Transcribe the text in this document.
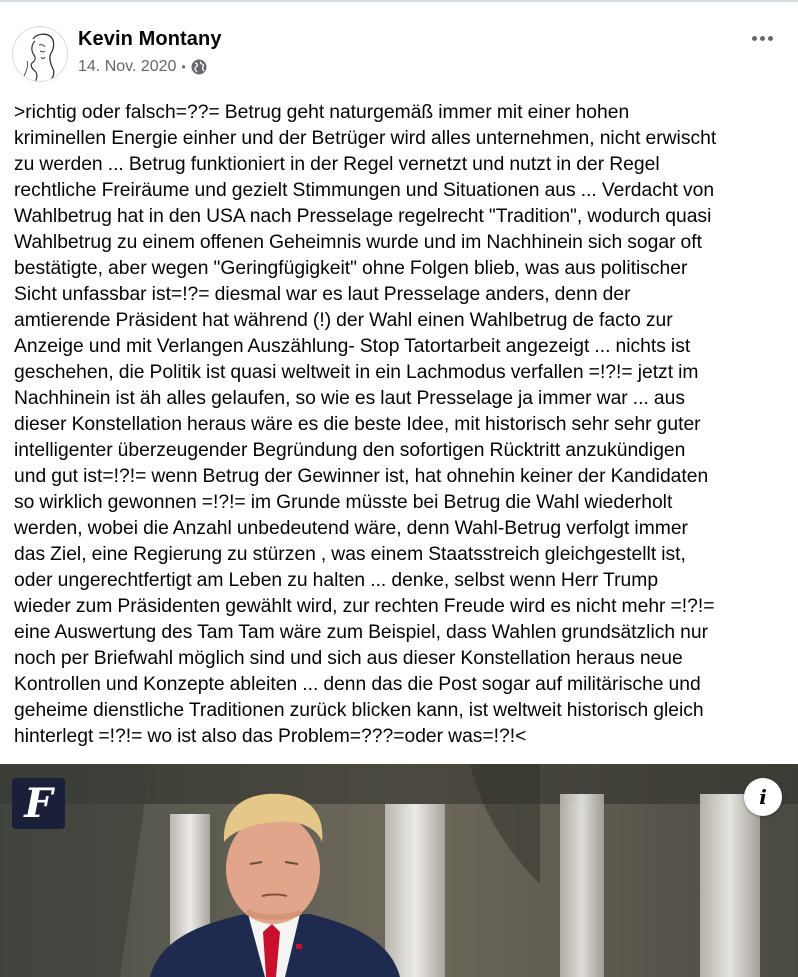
Kevin Montany
14. Nov. 2020 •
>richtig oder falsch=??= Betrug geht naturgemäß immer mit einer hohen
kriminellen Energie einher und der Betrüger wird alles unternehmen, nicht erwischt
zu werden ... Betrug funktioniert in der Regel vernetzt und nutzt in der Regel
rechtliche Freiräume und gezielt Stimmungen und Situationen aus ... Verdacht von
Wahlbetrug hat in den USA nach Presselage regelrecht "Tradition", wodurch quasi
Wahlbetrug zu einem offenen Geheimnis wurde und im Nachhinein sich sogar oft
bestätigte, aber wegen "Geringfügigkeit" ohne Folgen blieb, was aus politischer
Sicht unfassbar ist=!?= diesmal war es laut Presselage anders, denn der
amtierende Präsident hat während (!) der Wahl einen Wahlbetrug de facto zur
Anzeige und mit Verlangen Auszählung- Stop Tatortarbeit angezeigt ... nichts ist
geschehen, die Politik ist quasi weltweit in ein Lachmodus verfallen =!?!= jetzt im
Nachhinein ist äh alles gelaufen, so wie es laut Presselage ja immer war ... aus
dieser Konstellation heraus wäre es die beste Idee, mit historisch sehr sehr guter
intelligenter überzeugender Begründung den sofortigen Rücktritt anzukündigen
und gut ist=!?!= wenn Betrug der Gewinner ist, hat ohnehin keiner der Kandidaten
so wirklich gewonnen =!?!= im Grunde müsste bei Betrug die Wahl wiederholt
werden, wobei die Anzahl unbedeutend wäre, denn Wahl-Betrug verfolgt immer
das Ziel, eine Regierung zu stürzen , was einem Staatsstreich gleichgestellt ist,
oder ungerechtfertigt am Leben zu halten ... denke, selbst wenn Herr Trump
wieder zum Präsidenten gewählt wird, zur rechten Freude wird es nicht mehr =!?!=
eine Auswertung des Tam Tam wäre zum Beispiel, dass Wahlen grundsätzlich nur
noch per Briefwahl möglich sind und sich aus dieser Konstellation heraus neue
Kontrollen und Konzepte ableiten ... denn das die Post sogar auf militärische und
geheime dienstliche Traditionen zurück blicken kann, ist weltweit historisch gleich
hinterlegt =!?!= wo ist also das Problem=???=oder was=!?!<
F	i
